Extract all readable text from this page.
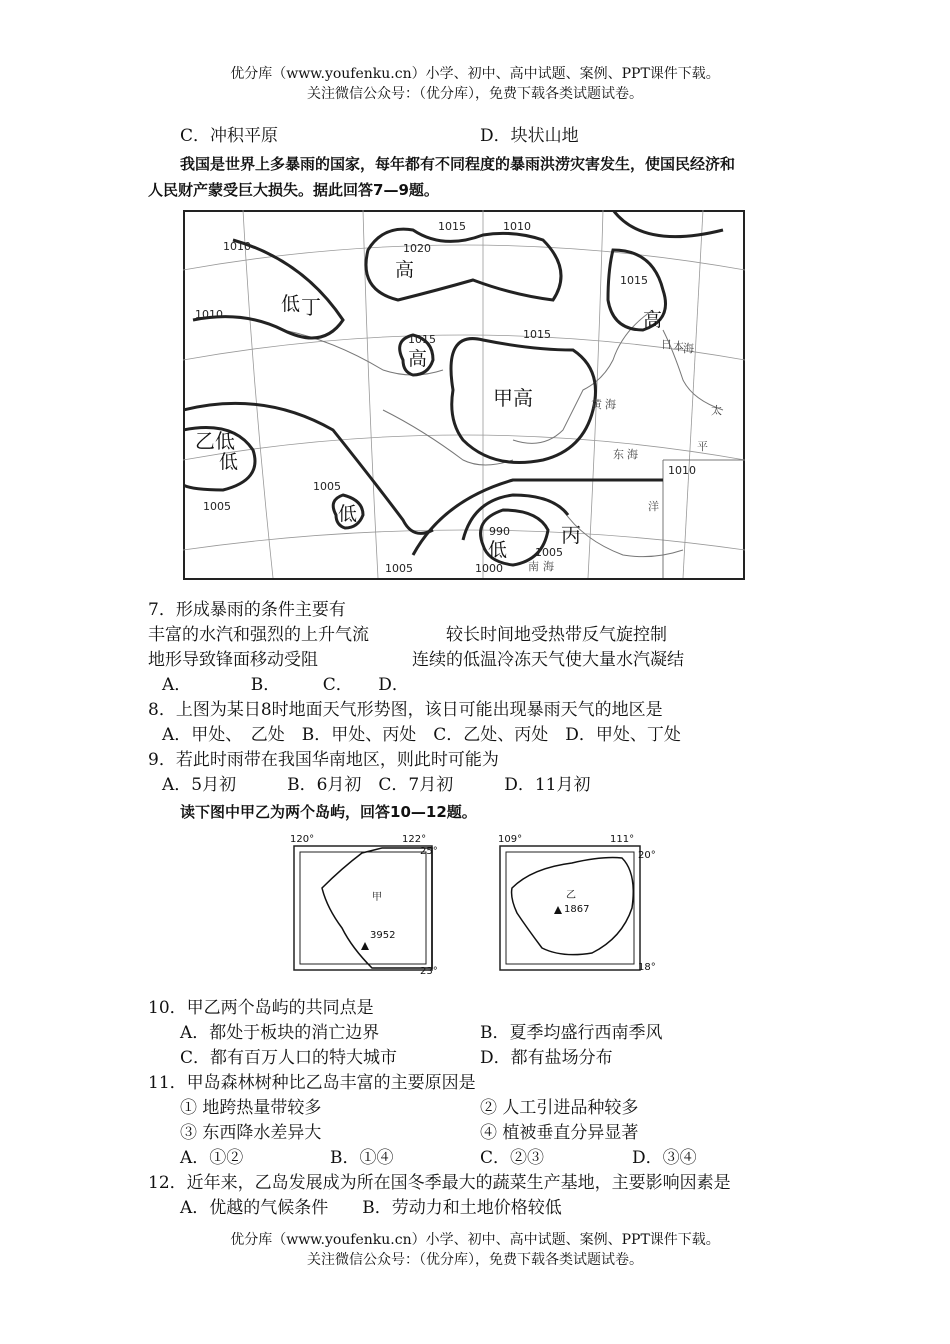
优分库（www.youfenku.cn）小学、初中、高中试题、案例、PPT课件下载。
关注微信公众号：（优分库），免费下载各类试题试卷。
C．冲积平原	D．块状山地
我国是世界上多暴雨的国家，每年都有不同程度的暴雨洪涝灾害发生，使国民经济和
人民财产蒙受巨大损失。据此回答7—9题。
1010
1010
1015	1010
1020
1015	1015
1015
1010
1005
1005
1005	1000
990
1005
低
高
高
高
低
低
低
甲高
乙低
丙
丁
黄 海
东 海
南 海
日 本 海
太
平
洋
7．形成暴雨的条件主要有
丰富的水汽和强烈的上升气流	较长时间地受热带反气旋控制
地形导致锋面移动受阻	连续的低温冷冻天气使大量水汽凝结
A．　　　　B．　　　C．　　D．
8．上图为某日8时地面天气形势图，该日可能出现暴雨天气的地区是
A．甲处、　乙处　B．甲处、丙处　C．乙处、丙处　D．甲处、丁处
9．若此时雨带在我国华南地区，则此时可能为
A．5月初　　　B．6月初　C．7月初　　　D．11月初
读下图中甲乙为两个岛屿，回答10—12题。
120°	122°
25°
23°
甲
3952
109°	111°
20°
18°
乙
1867
10．甲乙两个岛屿的共同点是
A．都处于板块的消亡边界	B．夏季均盛行西南季风
C．都有百万人口的特大城市	D．都有盐场分布
11．甲岛森林树种比乙岛丰富的主要原因是
① 地跨热量带较多	② 人工引进品种较多
③ 东西降水差异大	④ 植被垂直分异显著
A．①②	B．①④	C．②③	D．③④
12．近年来，乙岛发展成为所在国冬季最大的蔬菜生产基地，主要影响因素是
A．优越的气候条件　　B．劳动力和土地价格较低
优分库（www.youfenku.cn）小学、初中、高中试题、案例、PPT课件下载。
关注微信公众号：（优分库），免费下载各类试题试卷。
